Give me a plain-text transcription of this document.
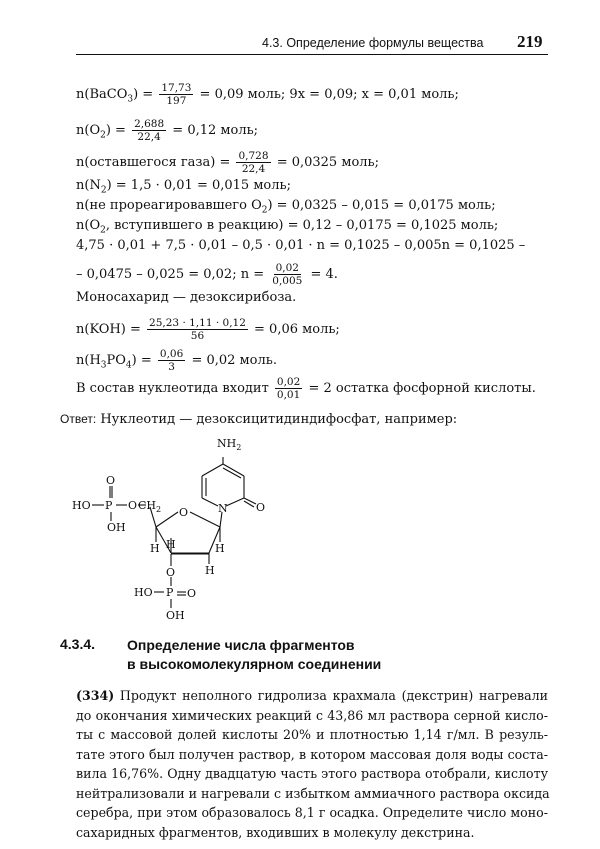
4.3. Определение формулы вещества 219
n(BaCO$_3$) = $\frac{17,73}{197} = 0,09$ моль; 9x = 0,09; x = 0,01 моль;
$n(O_2) = \frac{2,688}{22,4} = 0,12$ моль;
n(оставшегося газа) = $\frac{0,728}{22,4} = 0,0325$ моль;
$n(N_2) = 1,5 \cdot 0,01 = 0,015$ моль;
n(не прореагировавшего $O_2) = 0,0325 - 0,015 = 0,0175$ моль;
$n(O_2$, вступившего в реакцию) = 0,12 – 0,0175 = 0,1025 моль;
4,75 · 0,01 + 7,5 · 0,01 – 0,5 · 0,01 · n = 0,1025 – 0,005n = 0,1025 –
– 0,0475 – 0,025 = 0,02; $n = \frac{0,02}{0,005} = 4$.
Моносахарид — дезоксирибоза.
$n(KOH) = \frac{25,23 \cdot 1,11 \cdot 0,12}{56} = 0,06$ моль;
$n(H_3PO_4) = \frac{0,06}{3} = 0,02$ моль.
В состав нуклеотида входит $\frac{0,02}{0,01} = 2$ остатка фосфорной кислоты.
Ответ: Нуклеотид — дезоксицитидиндифосфат, например:
$NH_2$
N	O
O
H H	H
H
O
HO P
O
OH
O $CH_2$
HO P O
OH
4.3.4. Определение числа фрагментов
в высокомолекулярном соединении
(334) Продукт неполного гидролиза крахмала (декстрин) нагревали
до окончания химических реакций с 43,86 мл раствора серной кисло-
ты с массовой долей кислоты 20% и плотностью 1,14 г/мл. В резуль-
тате этого был получен раствор, в котором массовая доля воды соста-
вила 16,76%. Одну двадцатую часть этого раствора отобрали, кислоту
нейтрализовали и нагревали с избытком аммиачного раствора оксида
серебра, при этом образовалось 8,1 г осадка. Определите число моно-
сахаридных фрагментов, входивших в молекулу декстрина.
